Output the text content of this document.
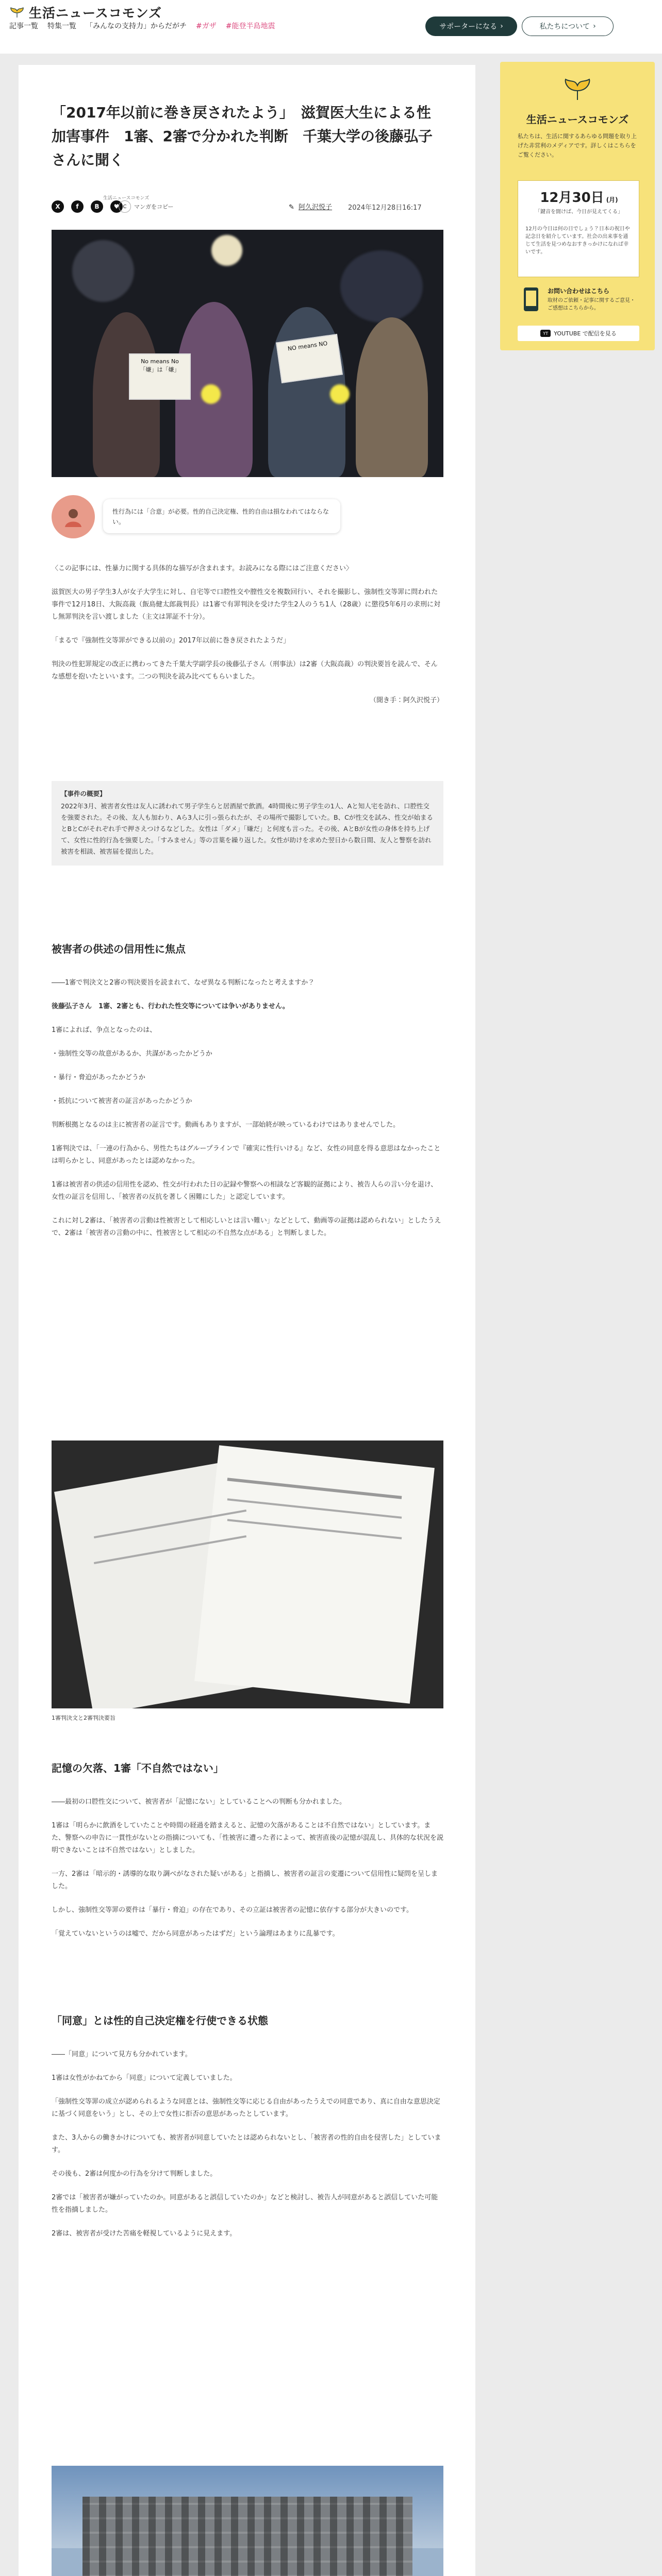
生活ニュースコモンズ
記事一覧 特集一覧 「みんなの支持力」からだがチ #ガザ #能登半島地震	サポーターになる ›	私たちについて ›
「2017年以前に巻き戻されたよう」　滋賀医大生による性加害事件　1審、2審で分かれた判断　千葉大学の後藤弘子さんに聞く
X	f	B	♥
生活ニュースコモンズ
C	マンガをコピー	✎ 阿久沢悦子 2024年12月28日16:17
No means No 「嫌」は「嫌」
NO means NO
性行為には「合意」が必要。性的自己決定権、性的自由は損なわれてはならない。

〈この記事には、性暴力に関する具体的な描写が含まれます。お読みになる際にはご注意ください〉

滋賀医大の男子学生3人が女子大学生に対し、自宅等で口腔性交や膣性交を複数回行い、それを撮影し、強制性交等罪に問われた事件で12月18日、大阪高裁（飯島健太郎裁判長）は1審で有罪判決を受けた学生2人のうち1人（28歳）に懲役5年6月の求刑に対し無罪判決を言い渡しました（主文は罪証不十分）。

「まるで『強制性交等罪ができる以前の』2017年以前に巻き戻されたようだ」

判決の性犯罪規定の改正に携わってきた千葉大学副学長の後藤弘子さん（刑事法）は2審（大阪高裁）の判決要旨を読んで、そんな感想を抱いたといいます。二つの判決を読み比べてもらいました。

（聞き手：阿久沢悦子）

【事件の概要】
2022年3月、被害者女性は友人に誘われて男子学生らと居酒屋で飲酒。4時間後に男子学生の1人、Aと知人宅を訪れ、口腔性交を強要された。その後、友人も加わり、Aら3人に引っ張られたが、その場所で撮影していた。B、Cが性交を試み、性交が始まるとBとCがそれぞれ手で押さえつけるなどした。女性は「ダメ」「嫌だ」と何度も言った。その後、AとBが女性の身体を持ち上げて、女性に性的行為を強要した。「すみません」等の言葉を繰り返した。女性が助けを求めた翌日から数日間、友人と警察を訪れ被害を相談、被害届を提出した。
被害者の供述の信用性に焦点

――1審で判決文と2審の判決要旨を読まれて、なぜ異なる判断になったと考えますか？

後藤弘子さん　1審、2審とも、行われた性交等については争いがありません。

1審によれば、争点となったのは、

・強制性交等の故意があるか、共謀があったかどうか

・暴行・脅迫があったかどうか

・抵抗について被害者の証言があったかどうか

判断根拠となるのは主に被害者の証言です。動画もありますが、一部始終が映っているわけではありませんでした。

1審判決では、「一連の行為から、男性たちはグループラインで『確実に性行いける』など、女性の同意を得る意思はなかったことは明らかとし、同意があったとは認めなかった。

1審は被害者の供述の信用性を認め、性交が行われた日の記録や警察への相談など客観的証拠により、被告人らの言い分を退け、女性の証言を信用し、「被害者の反抗を著しく困難にした」と認定しています。

これに対し2審は、「被害者の言動は性被害として相応しいとは言い難い」などとして、動画等の証拠は認められない」としたうえで、2審は「被害者の言動の中に、性被害として相応の不自然な点がある」と判断しました。

1審判決文と2審判決要旨
記憶の欠落、1審「不自然ではない」

――最初の口腔性交について、被害者が「記憶にない」としていることへの判断も分かれました。

1審は「明らかに飲酒をしていたことや時間の経過を踏まえると、記憶の欠落があることは不自然ではない」としています。また、警察への申告に一貫性がないとの指摘についても、「性被害に遭った者によって、被害直後の記憶が混乱し、具体的な状況を説明できないことは不自然ではない」としました。

一方、2審は「暗示的・誘導的な取り調べがなされた疑いがある」と指摘し、被害者の証言の変遷について信用性に疑問を呈しました。

しかし、強制性交等罪の要件は「暴行・脅迫」の存在であり、その立証は被害者の記憶に依存する部分が大きいのです。

「覚えていないというのは嘘で、だから同意があったはずだ」という論理はあまりに乱暴です。

「同意」とは性的自己決定権を行使できる状態

――「同意」について見方も分かれています。

1審は女性がかねてから「同意」について定義していました。

「強制性交等罪の成立が認められるような同意とは、強制性交等に応じる自由があったうえでの同意であり、真に自由な意思決定に基づく同意をいう」とし、その上で女性に拒否の意思があったとしています。

また、3人からの働きかけについても、被害者が同意していたとは認められないとし、「被害者の性的自由を侵害した」としています。

その後も、2審は何度かの行為を分けて判断しました。

2審では「被害者が嫌がっていたのか。同意があると誤信していたのか」などと検討し、被告人が同意があると誤信していた可能性を指摘しました。

2審は、被害者が受けた苦痛を軽視しているように見えます。

生活ニュースコモンズ
私たちは、生活に関するあらゆる問題を取り上げた非営利のメディアです。詳しくはこちらをご覧ください。
12月30日 (月)
「鍵音を聞けば、今日が見えてくる」
12月の今日は何の日でしょう？日本の祝日や記念日を紹介しています。社会の出来事を通じて生活を見つめなおすきっかけになれば幸いです。
お問い合わせはこちら
取材のご依頼・記事に関するご意見・ご感想はこちらから。
YT	YOUTUBE で配信を見る
